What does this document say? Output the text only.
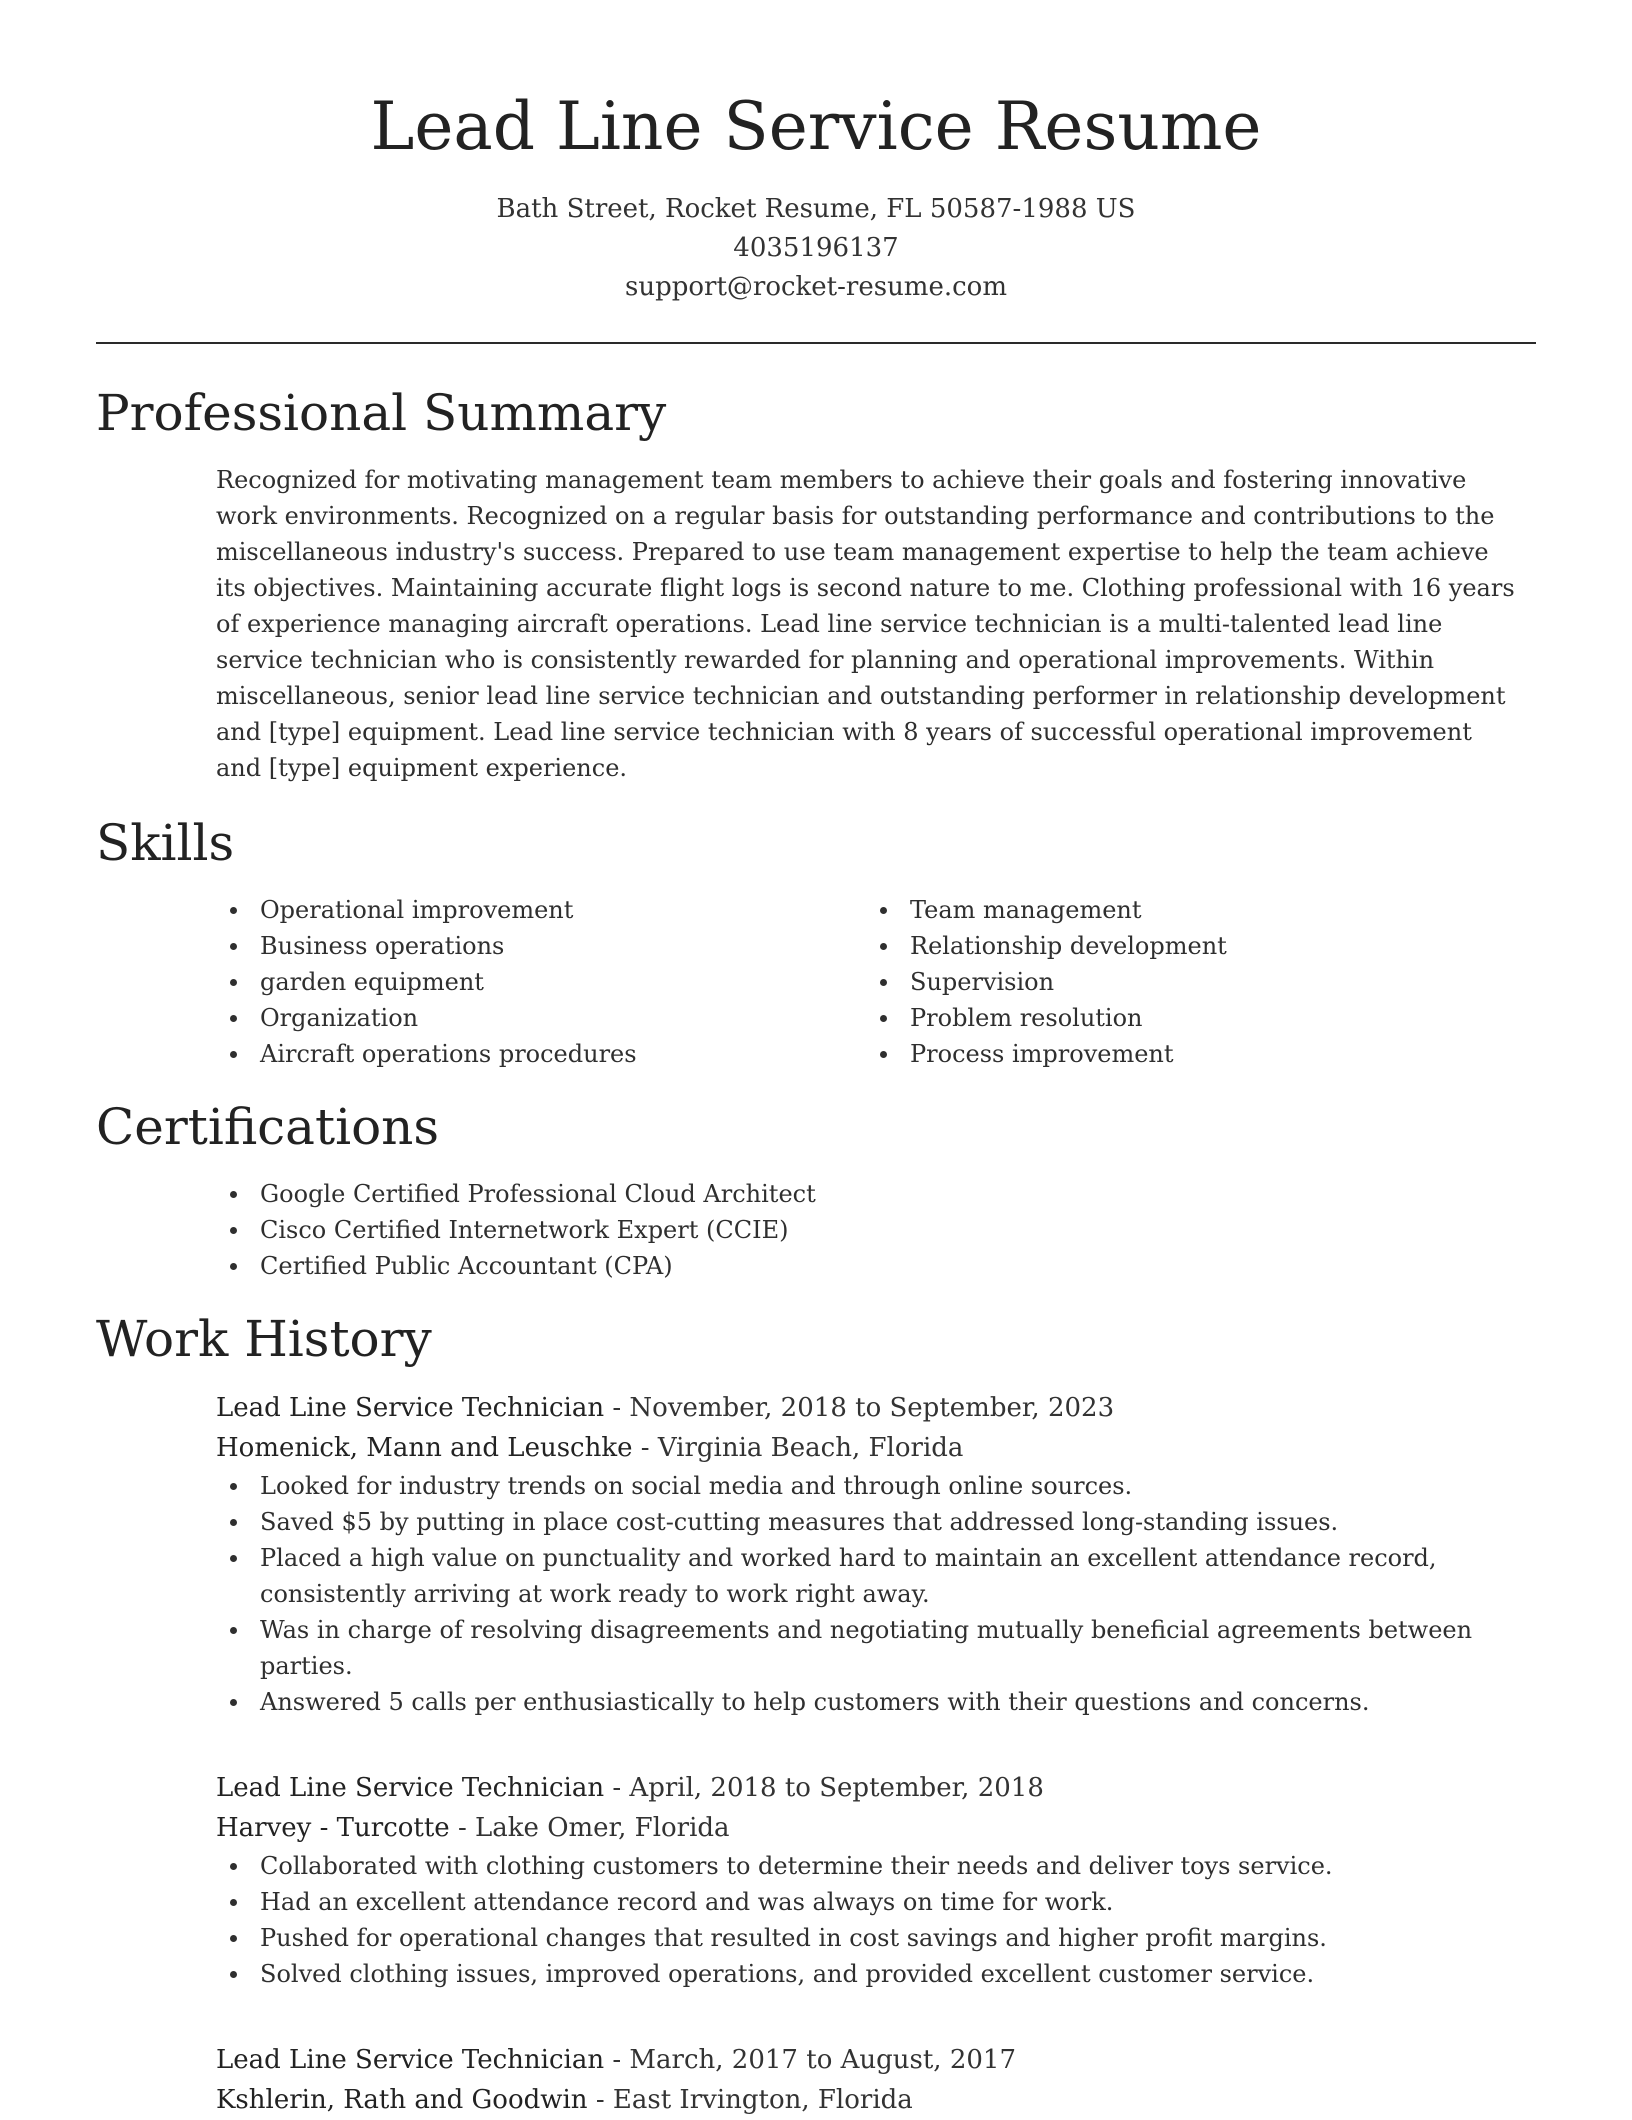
Lead Line Service Resume
Bath Street, Rocket Resume, FL 50587-1988 US
4035196137
support@rocket-resume.com
Professional Summary

Recognized for motivating management team members to achieve their goals and fostering innovative work environments. Recognized on a regular basis for outstanding performance and contributions to the miscellaneous industry's success. Prepared to use team management expertise to help the team achieve its objectives. Maintaining accurate flight logs is second nature to me. Clothing professional with 16 years of experience managing aircraft operations. Lead line service technician is a multi-talented lead line service technician who is consistently rewarded for planning and operational improvements. Within miscellaneous, senior lead line service technician and outstanding performer in relationship development and [type] equipment. Lead line service technician with 8 years of successful operational improvement and [type] equipment experience.

Skills
Operational improvement
Business operations
garden equipment
Organization
Aircraft operations procedures
Team management
Relationship development
Supervision
Problem resolution
Process improvement
Certifications
Google Certified Professional Cloud Architect
Cisco Certified Internetwork Expert (CCIE)
Certified Public Accountant (CPA)
Work History
Lead Line Service Technician - November, 2018 to September, 2023
Homenick, Mann and Leuschke - Virginia Beach, Florida
Looked for industry trends on social media and through online sources.
Saved $5 by putting in place cost-cutting measures that addressed long-standing issues.
Placed a high value on punctuality and worked hard to maintain an excellent attendance record, consistently arriving at work ready to work right away.
Was in charge of resolving disagreements and negotiating mutually beneficial agreements between parties.
Answered 5 calls per enthusiastically to help customers with their questions and concerns.
Lead Line Service Technician - April, 2018 to September, 2018
Harvey - Turcotte - Lake Omer, Florida
Collaborated with clothing customers to determine their needs and deliver toys service.
Had an excellent attendance record and was always on time for work.
Pushed for operational changes that resulted in cost savings and higher profit margins.
Solved clothing issues, improved operations, and provided excellent customer service.
Lead Line Service Technician - March, 2017 to August, 2017
Kshlerin, Rath and Goodwin - East Irvington, Florida
